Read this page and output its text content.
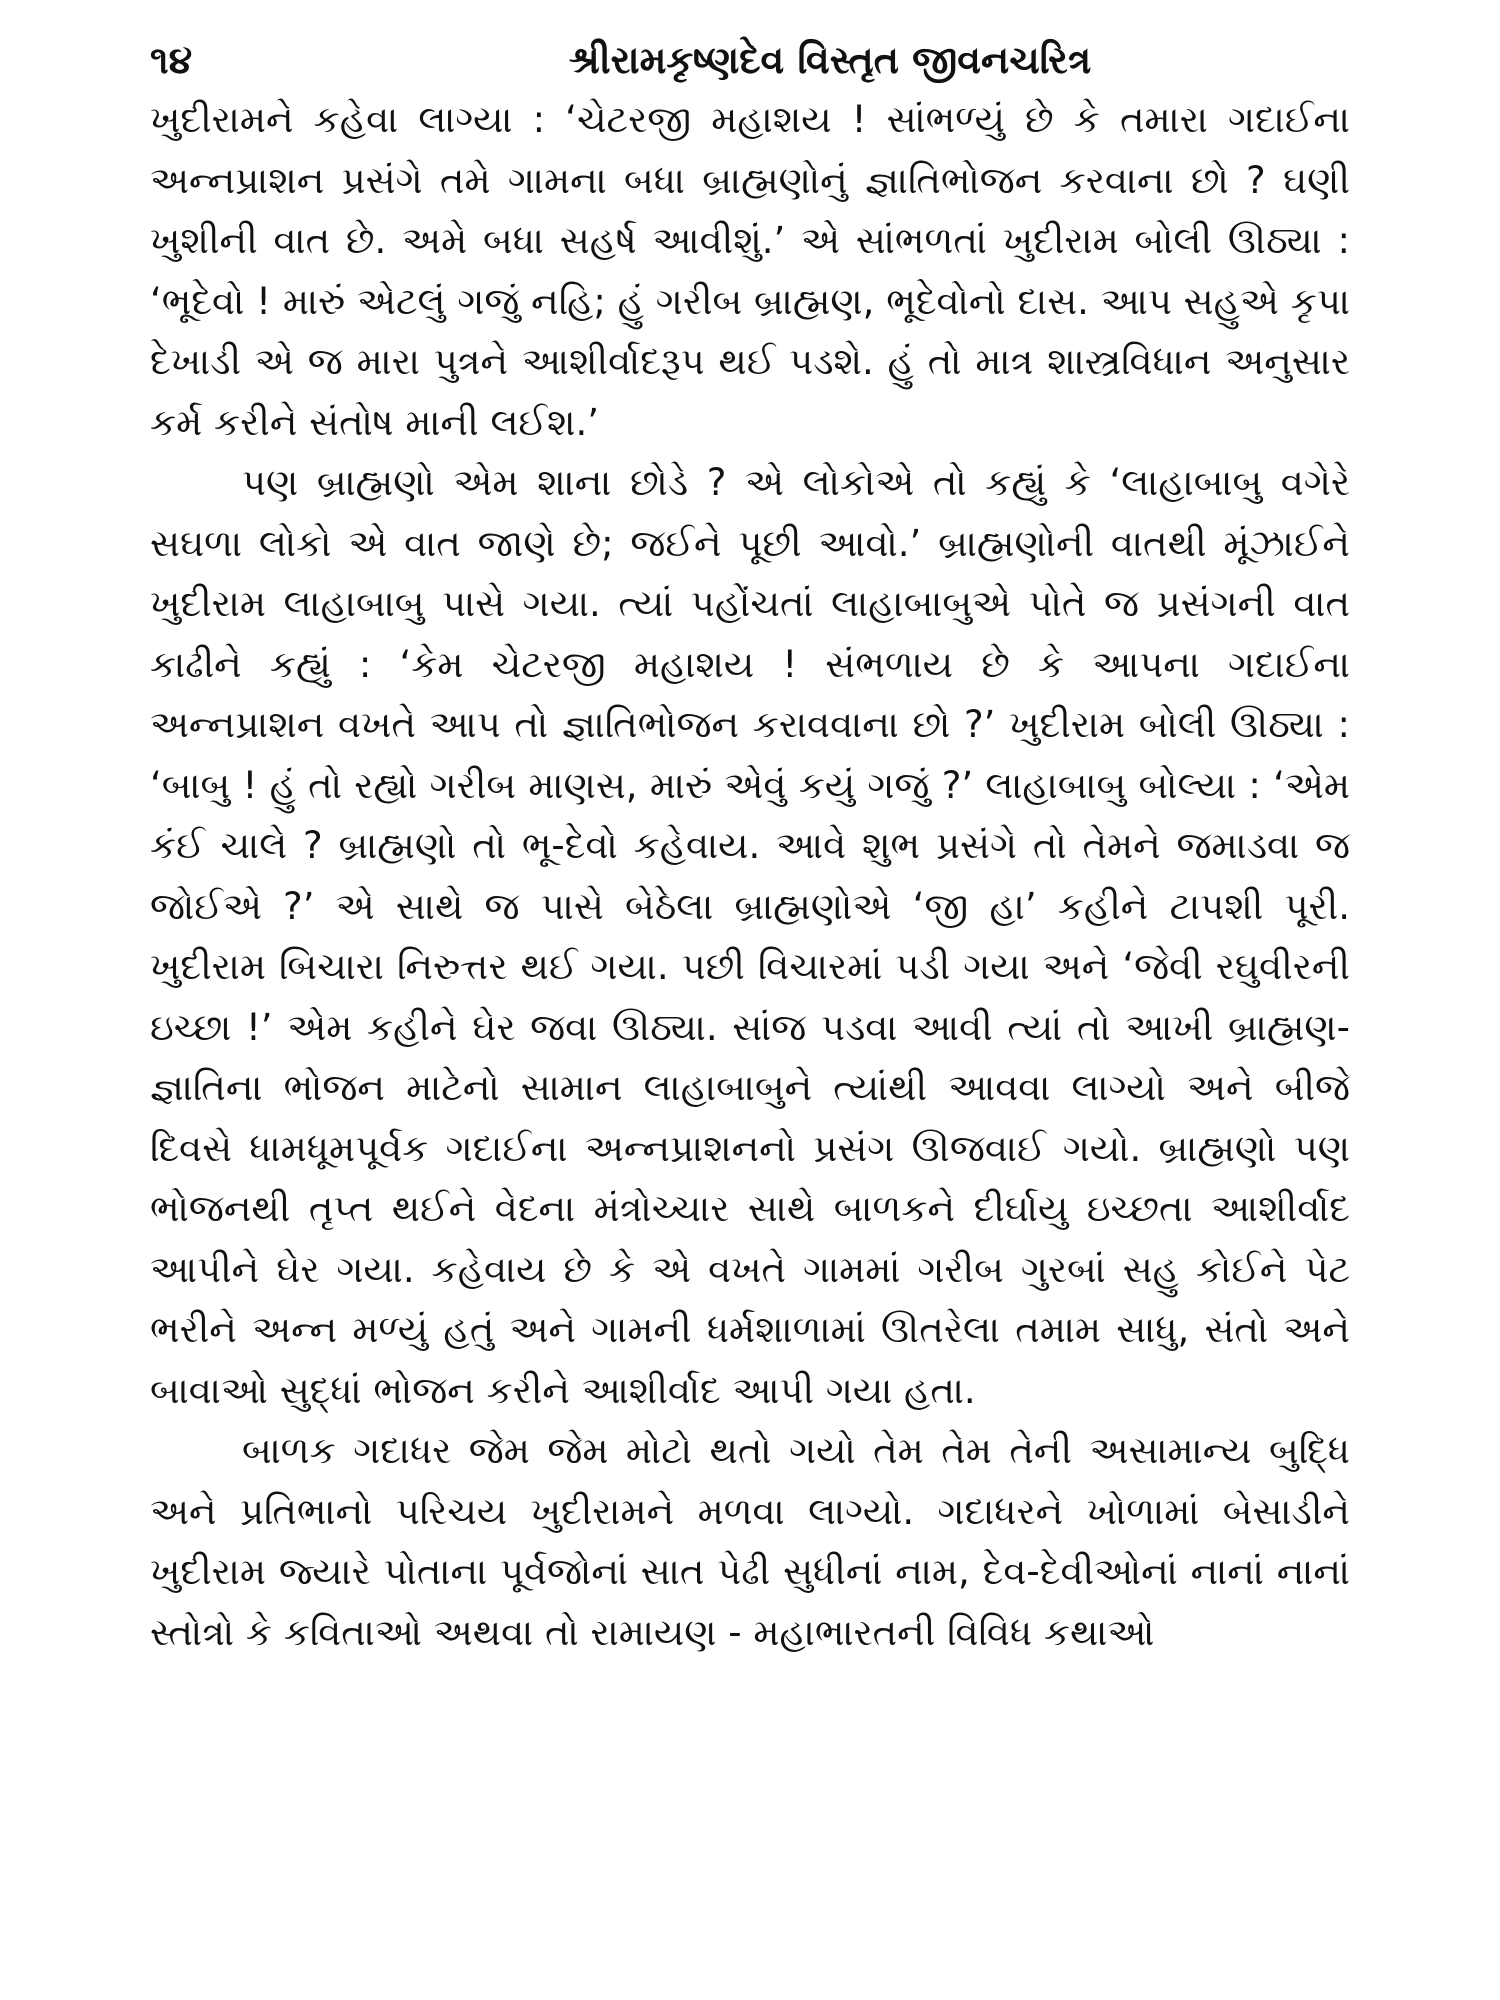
૧૪	શ્રીરામકૃષ્ણદેવ વિસ્તૃત જીવનચરિત્ર

ખુદીરામને કહેવા લાગ્યા : ‘ચેટરજી મહાશય ! સાંભળ્યું છે કે તમારા ગદાઈના અન્નપ્રાશન પ્રસંગે તમે ગામના બધા બ્રાહ્મણોનું જ્ઞાતિભોજન કરવાના છો ? ઘણી ખુશીની વાત છે. અમે બધા સહર્ષ આવીશું.’ એ સાંભળતાં ખુદીરામ બોલી ઊઠ્યા : ‘ભૂદેવો ! મારું એટલું ગજું નહિ; હું ગરીબ બ્રાહ્મણ, ભૂદેવોનો દાસ. આપ સહુએ કૃપા દેખાડી એ જ મારા પુત્રને આશીર્વાદરૂપ થઈ પડશે. હું તો માત્ર શાસ્ત્રવિધાન અનુસાર કર્મ કરીને સંતોષ માની લઈશ.’

પણ બ્રાહ્મણો એમ શાના છોડે ? એ લોકોએ તો કહ્યું કે ‘લાહાબાબુ વગેરે સઘળા લોકો એ વાત જાણે છે; જઈને પૂછી આવો.’ બ્રાહ્મણોની વાતથી મૂંઝાઈને ખુદીરામ લાહાબાબુ પાસે ગયા. ત્યાં પહોંચતાં લાહાબાબુએ પોતે જ પ્રસંગની વાત કાઢીને કહ્યું : ‘કેમ ચેટરજી મહાશય ! સંભળાય છે કે આપના ગદાઈના અન્નપ્રાશન વખતે આપ તો જ્ઞાતિભોજન કરાવવાના છો ?’ ખુદીરામ બોલી ઊઠ્યા : ‘બાબુ ! હું તો રહ્યો ગરીબ માણસ, મારું એવું કયું ગજું ?’ લાહાબાબુ બોલ્યા : ‘એમ કંઈ ચાલે ? બ્રાહ્મણો તો ભૂ-દેવો કહેવાય. આવે શુભ પ્રસંગે તો તેમને જમાડવા જ જોઈએ ?’ એ સાથે જ પાસે બેઠેલા બ્રાહ્મણોએ ‘જી હા’ કહીને ટાપશી પૂરી. ખુદીરામ બિચારા નિરુત્તર થઈ ગયા. પછી વિચારમાં પડી ગયા અને ‘જેવી રઘુવીરની ઇચ્છા !’ એમ કહીને ઘેર જવા ઊઠ્યા. સાંજ પડવા આવી ત્યાં તો આખી બ્રાહ્મણ-જ્ઞાતિના ભોજન માટેનો સામાન લાહાબાબુને ત્યાંથી આવવા લાગ્યો અને બીજે દિવસે ધામધૂમપૂર્વક ગદાઈના અન્નપ્રાશનનો પ્રસંગ ઊજવાઈ ગયો. બ્રાહ્મણો પણ ભોજનથી તૃપ્ત થઈને વેદના મંત્રોચ્ચાર સાથે બાળકને દીર્ઘાયુ ઇચ્છતા આશીર્વાદ આપીને ઘેર ગયા. કહેવાય છે કે એ વખતે ગામમાં ગરીબ ગુરબાં સહુ કોઈને પેટ ભરીને અન્ન મળ્યું હતું અને ગામની ધર્મશાળામાં ઊતરેલા તમામ સાધુ, સંતો અને બાવાઓ સુદ્ધાં ભોજન કરીને આશીર્વાદ આપી ગયા હતા.

બાળક ગદાધર જેમ જેમ મોટો થતો ગયો તેમ તેમ તેની અસામાન્ય બુદ્ધિ અને પ્રતિભાનો પરિચય ખુદીરામને મળવા લાગ્યો. ગદાધરને ખોળામાં બેસાડીને ખુદીરામ જ્યારે પોતાના પૂર્વજોનાં સાત પેઢી સુધીનાં નામ, દેવ-દેવીઓનાં નાનાં નાનાં સ્તોત્રો કે કવિતાઓ અથવા તો રામાયણ - મહાભારતની વિવિધ કથાઓ
